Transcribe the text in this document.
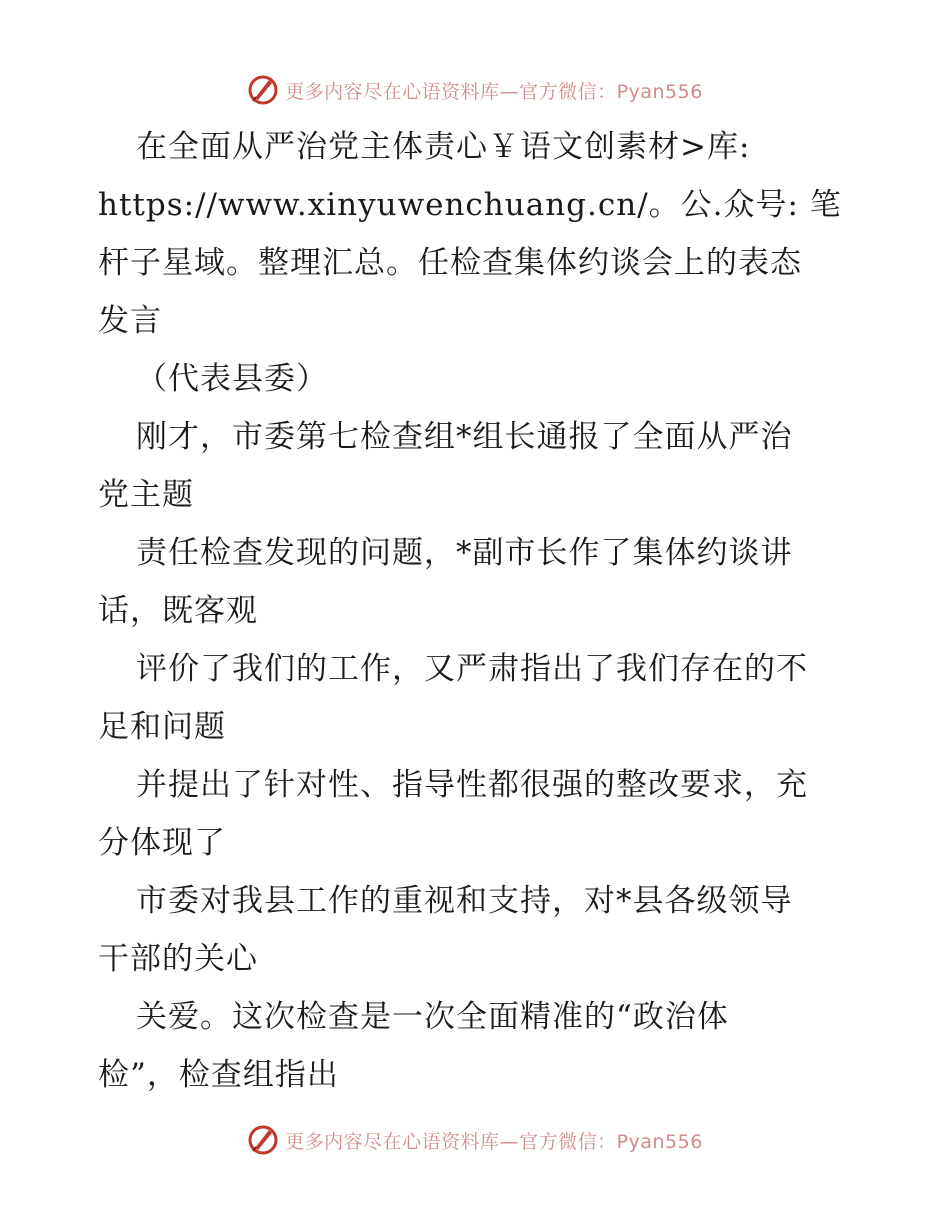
更多内容尽在心语资料库—官方微信：Pyan556
在全面从严治党主体责心￥语文创素材>库:
https://www.xinyuwenchuang.cn/。公.众号: 笔
杆子星域。整理汇总。任检查集体约谈会上的表态
发言
（代表县委）
刚才，市委第七检查组*组长通报了全面从严治
党主题
责任检查发现的问题，*副市长作了集体约谈讲
话，既客观
评价了我们的工作，又严肃指出了我们存在的不
足和问题
并提出了针对性、指导性都很强的整改要求，充
分体现了
市委对我县工作的重视和支持，对*县各级领导
干部的关心
关爱。这次检查是一次全面精准的“政治体
检”，检查组指出
更多内容尽在心语资料库—官方微信：Pyan556
